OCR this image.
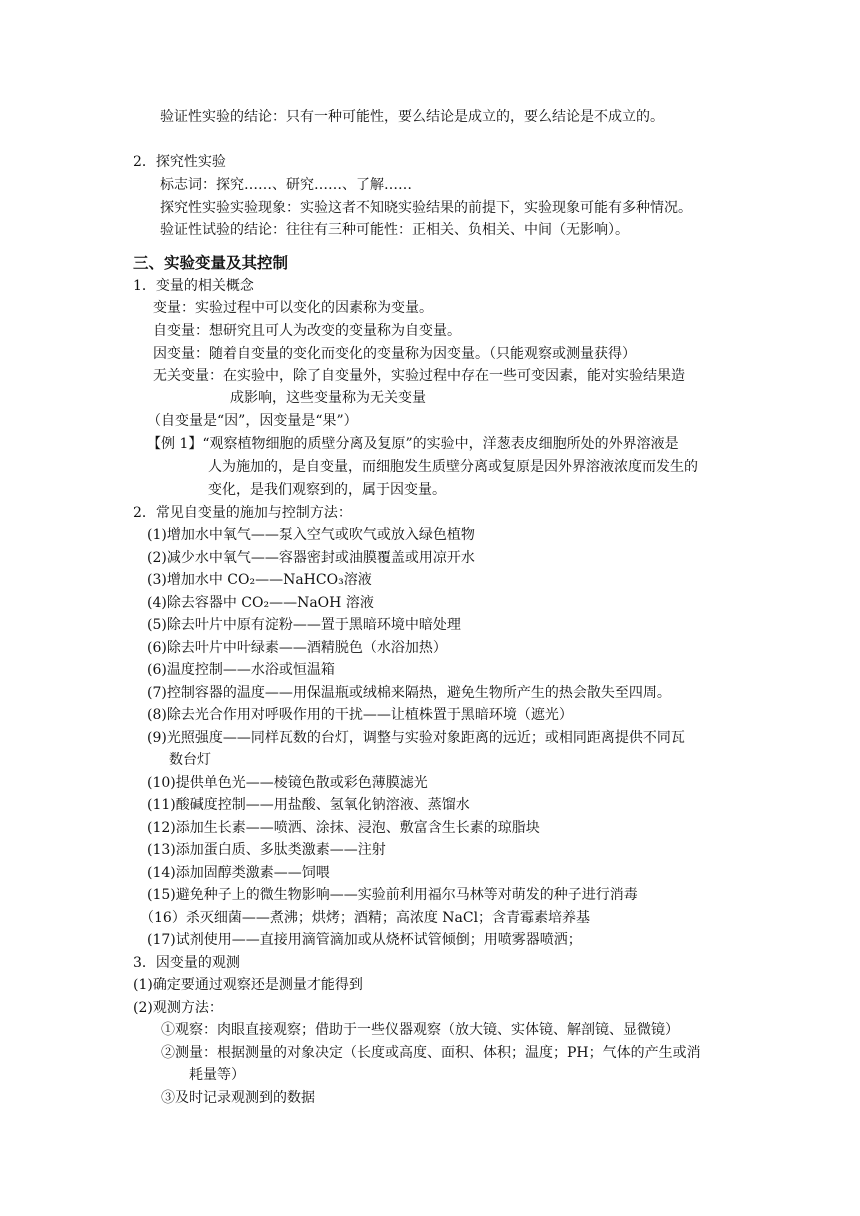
验证性实验的结论：只有一种可能性，要么结论是成立的，要么结论是不成立的。
2．探究性实验
标志词：探究……、研究……、了解……
探究性实验实验现象：实验这者不知晓实验结果的前提下，实验现象可能有多种情况。
验证性试验的结论：往往有三种可能性：正相关、负相关、中间（无影响）。
三、实验变量及其控制
1．变量的相关概念
变量：实验过程中可以变化的因素称为变量。
自变量：想研究且可人为改变的变量称为自变量。
因变量：随着自变量的变化而变化的变量称为因变量。（只能观察或测量获得）
无关变量：在实验中，除了自变量外，实验过程中存在一些可变因素，能对实验结果造
成影响，这些变量称为无关变量
（自变量是“因”，因变量是“果”）
【例 1】“观察植物细胞的质壁分离及复原”的实验中，洋葱表皮细胞所处的外界溶液是
人为施加的，是自变量，而细胞发生质壁分离或复原是因外界溶液浓度而发生的
变化，是我们观察到的，属于因变量。
2．常见自变量的施加与控制方法：
(1)增加水中氧气——泵入空气或吹气或放入绿色植物
(2)减少水中氧气——容器密封或油膜覆盖或用凉开水
(3)增加水中 CO₂——NaHCO₃溶液
(4)除去容器中 CO₂——NaOH 溶液
(5)除去叶片中原有淀粉——置于黑暗环境中暗处理
(6)除去叶片中叶绿素——酒精脱色（水浴加热）
(6)温度控制——水浴或恒温箱
(7)控制容器的温度——用保温瓶或绒棉来隔热，避免生物所产生的热会散失至四周。
(8)除去光合作用对呼吸作用的干扰——让植株置于黑暗环境（遮光）
(9)光照强度——同样瓦数的台灯，调整与实验对象距离的远近；或相同距离提供不同瓦
数台灯
(10)提供单色光——棱镜色散或彩色薄膜滤光
(11)酸碱度控制——用盐酸、氢氧化钠溶液、蒸馏水
(12)添加生长素——喷洒、涂抹、浸泡、敷富含生长素的琼脂块
(13)添加蛋白质、多肽类激素——注射
(14)添加固醇类激素——饲喂
(15)避免种子上的微生物影响——实验前利用福尔马林等对萌发的种子进行消毒
（16）杀灭细菌——煮沸；烘烤；酒精；高浓度 NaCl；含青霉素培养基
(17)试剂使用——直接用滴管滴加或从烧杯试管倾倒；用喷雾器喷洒；
3．因变量的观测
(1)确定要通过观察还是测量才能得到
(2)观测方法：
①观察：肉眼直接观察；借助于一些仪器观察（放大镜、实体镜、解剖镜、显微镜）
②测量：根据测量的对象决定（长度或高度、面积、体积；温度；PH；气体的产生或消
耗量等）
③及时记录观测到的数据
